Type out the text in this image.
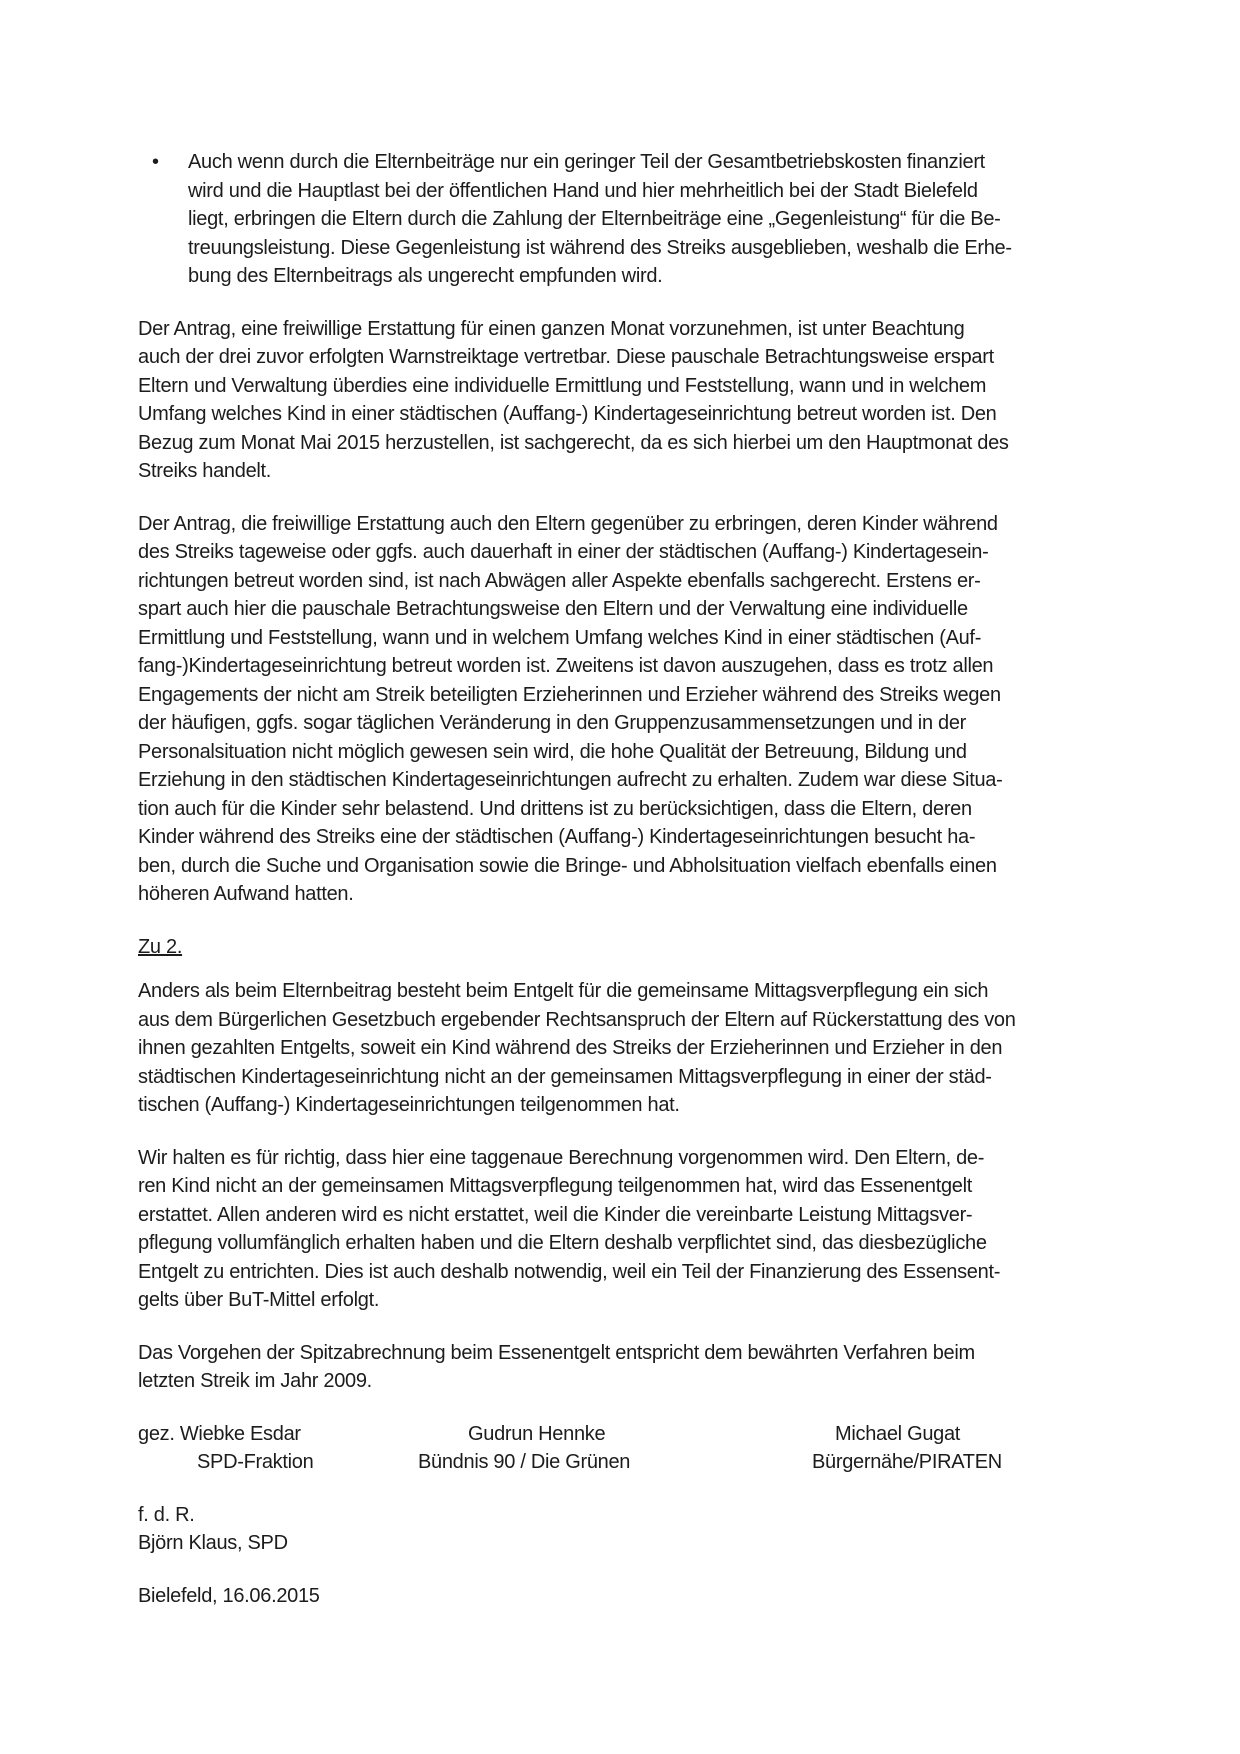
•	Auch wenn durch die Elternbeiträge nur ein geringer Teil der Gesamtbetriebskosten finanziert
wird und die Hauptlast bei der öffentlichen Hand und hier mehrheitlich bei der Stadt Bielefeld
liegt, erbringen die Eltern durch die Zahlung der Elternbeiträge eine „Gegenleistung“ für die Be-
treuungsleistung. Diese Gegenleistung ist während des Streiks ausgeblieben, weshalb die Erhe-
bung des Elternbeitrags als ungerecht empfunden wird.
Der Antrag, eine freiwillige Erstattung für einen ganzen Monat vorzunehmen, ist unter Beachtung
auch der drei zuvor erfolgten Warnstreiktage vertretbar. Diese pauschale Betrachtungsweise erspart
Eltern und Verwaltung überdies eine individuelle Ermittlung und Feststellung, wann und in welchem
Umfang welches Kind in einer städtischen (Auffang-) Kindertageseinrichtung betreut worden ist. Den
Bezug zum Monat Mai 2015 herzustellen, ist sachgerecht, da es sich hierbei um den Hauptmonat des
Streiks handelt.
Der Antrag, die freiwillige Erstattung auch den Eltern gegenüber zu erbringen, deren Kinder während
des Streiks tageweise oder ggfs. auch dauerhaft in einer der städtischen (Auffang-) Kindertagesein-
richtungen betreut worden sind, ist nach Abwägen aller Aspekte ebenfalls sachgerecht. Erstens er-
spart auch hier die pauschale Betrachtungsweise den Eltern und der Verwaltung eine individuelle
Ermittlung und Feststellung, wann und in welchem Umfang welches Kind in einer städtischen (Auf-
fang-)Kindertageseinrichtung betreut worden ist. Zweitens ist davon auszugehen, dass es trotz allen
Engagements der nicht am Streik beteiligten Erzieherinnen und Erzieher während des Streiks wegen
der häufigen, ggfs. sogar täglichen Veränderung in den Gruppenzusammensetzungen und in der
Personalsituation nicht möglich gewesen sein wird, die hohe Qualität der Betreuung, Bildung und
Erziehung in den städtischen Kindertageseinrichtungen aufrecht zu erhalten. Zudem war diese Situa-
tion auch für die Kinder sehr belastend. Und drittens ist zu berücksichtigen, dass die Eltern, deren
Kinder während des Streiks eine der städtischen (Auffang-) Kindertageseinrichtungen besucht ha-
ben, durch die Suche und Organisation sowie die Bringe- und Abholsituation vielfach ebenfalls einen
höheren Aufwand hatten.
Zu 2.
Anders als beim Elternbeitrag besteht beim Entgelt für die gemeinsame Mittagsverpflegung ein sich
aus dem Bürgerlichen Gesetzbuch ergebender Rechtsanspruch der Eltern auf Rückerstattung des von
ihnen gezahlten Entgelts, soweit ein Kind während des Streiks der Erzieherinnen und Erzieher in den
städtischen Kindertageseinrichtung nicht an der gemeinsamen Mittagsverpflegung in einer der städ-
tischen (Auffang-) Kindertageseinrichtungen teilgenommen hat.
Wir halten es für richtig, dass hier eine taggenaue Berechnung vorgenommen wird. Den Eltern, de-
ren Kind nicht an der gemeinsamen Mittagsverpflegung teilgenommen hat, wird das Essenentgelt
erstattet. Allen anderen wird es nicht erstattet, weil die Kinder die vereinbarte Leistung Mittagsver-
pflegung vollumfänglich erhalten haben und die Eltern deshalb verpflichtet sind, das diesbezügliche
Entgelt zu entrichten. Dies ist auch deshalb notwendig, weil ein Teil der Finanzierung des Essensent-
gelts über BuT-Mittel erfolgt.
Das Vorgehen der Spitzabrechnung beim Essenentgelt entspricht dem bewährten Verfahren beim
letzten Streik im Jahr 2009.
gez. Wiebke Esdar	Gudrun Hennke	Michael Gugat
SPD-Fraktion	Bündnis 90 / Die Grünen	Bürgernähe/PIRATEN
f. d. R.
Björn Klaus, SPD
Bielefeld, 16.06.2015
